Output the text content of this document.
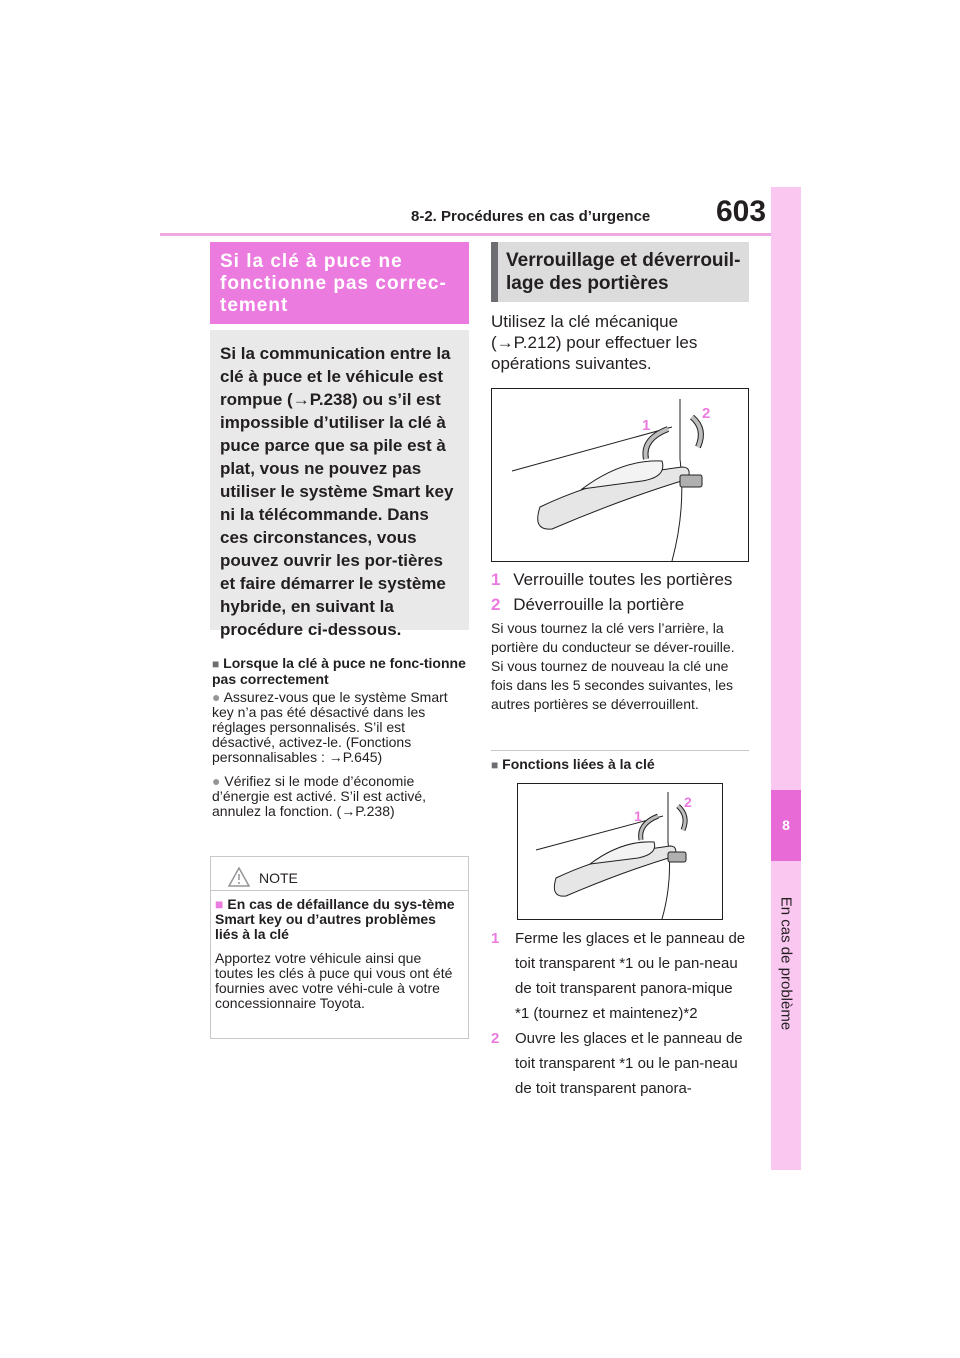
8-2. Procédures en cas d’urgence 603
8
En cas de problème
Si la clé à puce ne fonctionne pas correc-tement
Si la communication entre la clé à puce et le véhicule est rompue (→P.238) ou s’il est impossible d’utiliser la clé à puce parce que sa pile est à plat, vous ne pouvez pas utiliser le système Smart key ni la télécommande. Dans ces circonstances, vous pouvez ouvrir les por-tières et faire démarrer le système hybride, en suivant la procédure ci-dessous.
■ Lorsque la clé à puce ne fonc-tionne pas correctement
● Assurez-vous que le système Smart key n’a pas été désactivé dans les réglages personnalisés. S’il est désactivé, activez-le. (Fonctions personnalisables : →P.645)
● Vérifiez si le mode d’économie d’énergie est activé. S’il est activé, annulez la fonction. (→P.238)
NOTE
■ En cas de défaillance du sys-tème Smart key ou d’autres problèmes liés à la clé
Apportez votre véhicule ainsi que toutes les clés à puce qui vous ont été fournies avec votre véhi-cule à votre concessionnaire Toyota.
Verrouillage et déverrouil-lage des portières
Utilisez la clé mécanique (→P.212) pour effectuer les opérations suivantes.
1
2
1 Verrouille toutes les portières
2 Déverrouille la portière
Si vous tournez la clé vers l’arrière, la portière du conducteur se déver-rouille. Si vous tournez de nouveau la clé une fois dans les 5 secondes suivantes, les autres portières se déverrouillent.
■ Fonctions liées à la clé
1
2
1	Ferme les glaces et le panneau de toit transparent *1 ou le pan-neau de toit transparent panora-mique *1 (tournez et maintenez)*2
2	Ouvre les glaces et le panneau de toit transparent *1 ou le pan-neau de toit transparent panora-
